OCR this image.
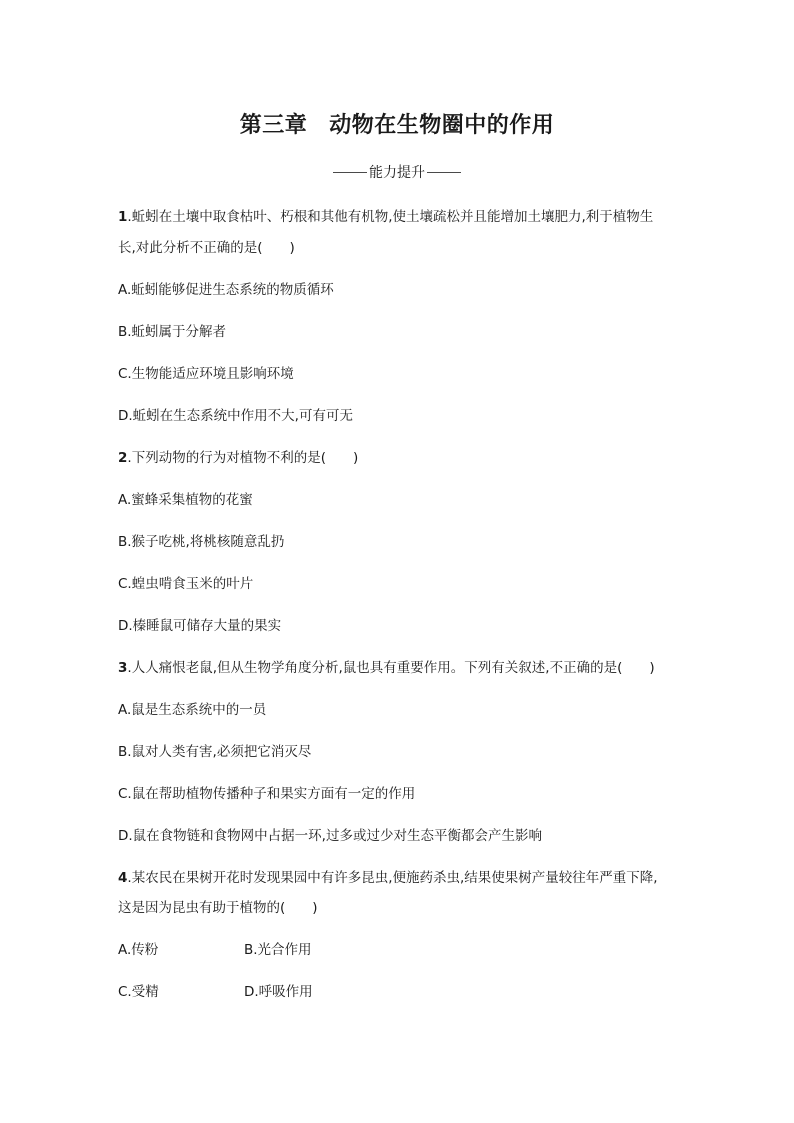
第三章 动物在生物圈中的作用
能力提升
1.蚯蚓在土壤中取食枯叶、朽根和其他有机物,使土壤疏松并且能增加土壤肥力,利于植物生
长,对此分析不正确的是(　　)
A.蚯蚓能够促进生态系统的物质循环
B.蚯蚓属于分解者
C.生物能适应环境且影响环境
D.蚯蚓在生态系统中作用不大,可有可无
2.下列动物的行为对植物不利的是(　　)
A.蜜蜂采集植物的花蜜
B.猴子吃桃,将桃核随意乱扔
C.蝗虫啃食玉米的叶片
D.榛睡鼠可储存大量的果实
3.人人痛恨老鼠,但从生物学角度分析,鼠也具有重要作用。下列有关叙述,不正确的是(　　)
A.鼠是生态系统中的一员
B.鼠对人类有害,必须把它消灭尽
C.鼠在帮助植物传播种子和果实方面有一定的作用
D.鼠在食物链和食物网中占据一环,过多或过少对生态平衡都会产生影响
4.某农民在果树开花时发现果园中有许多昆虫,便施药杀虫,结果使果树产量较往年严重下降,
这是因为昆虫有助于植物的(　　)
A.传粉	B.光合作用
C.受精	D.呼吸作用
